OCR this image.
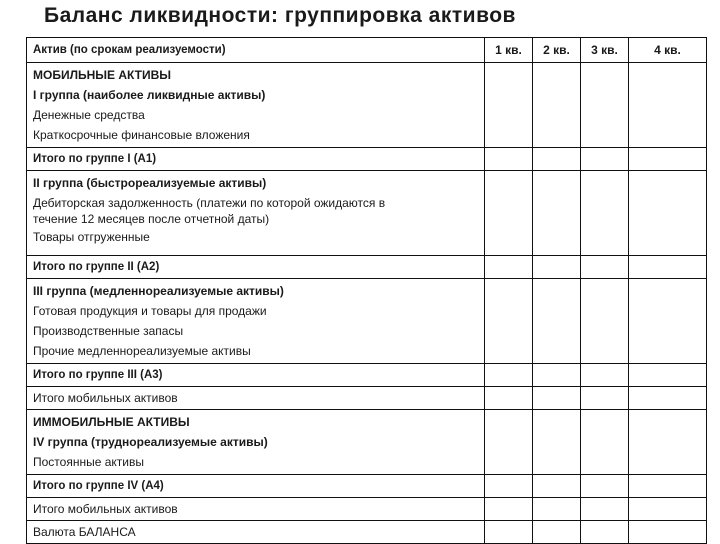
Баланс ликвидности: группировка активов
Актив (по срокам реализуемости)	1 кв.	2 кв.	3 кв.	4 кв.

МОБИЛЬНЫЕ АКТИВЫ
I группа (наиболее ликвидные активы)
Денежные средства
Краткосрочные финансовые вложения				

Итого по группе I (А1)				

II группа (быстрореализуемые активы)
Дебиторская задолженность (платежи по которой ожидаются в
течение 12 месяцев после отчетной даты)
Товары отгруженные				

Итого по группе II (А2)				

III группа (медленнореализуемые активы)
Готовая продукция и товары для продажи
Производственные запасы
Прочие медленнореализуемые активы				

Итого по группе III (А3)				
Итого мобильных активов				

ИММОБИЛЬНЫЕ АКТИВЫ
IV группа (труднореализуемые активы)
Постоянные активы				

Итого по группе IV (А4)				
Итого мобильных активов				
Валюта БАЛАНСА				
